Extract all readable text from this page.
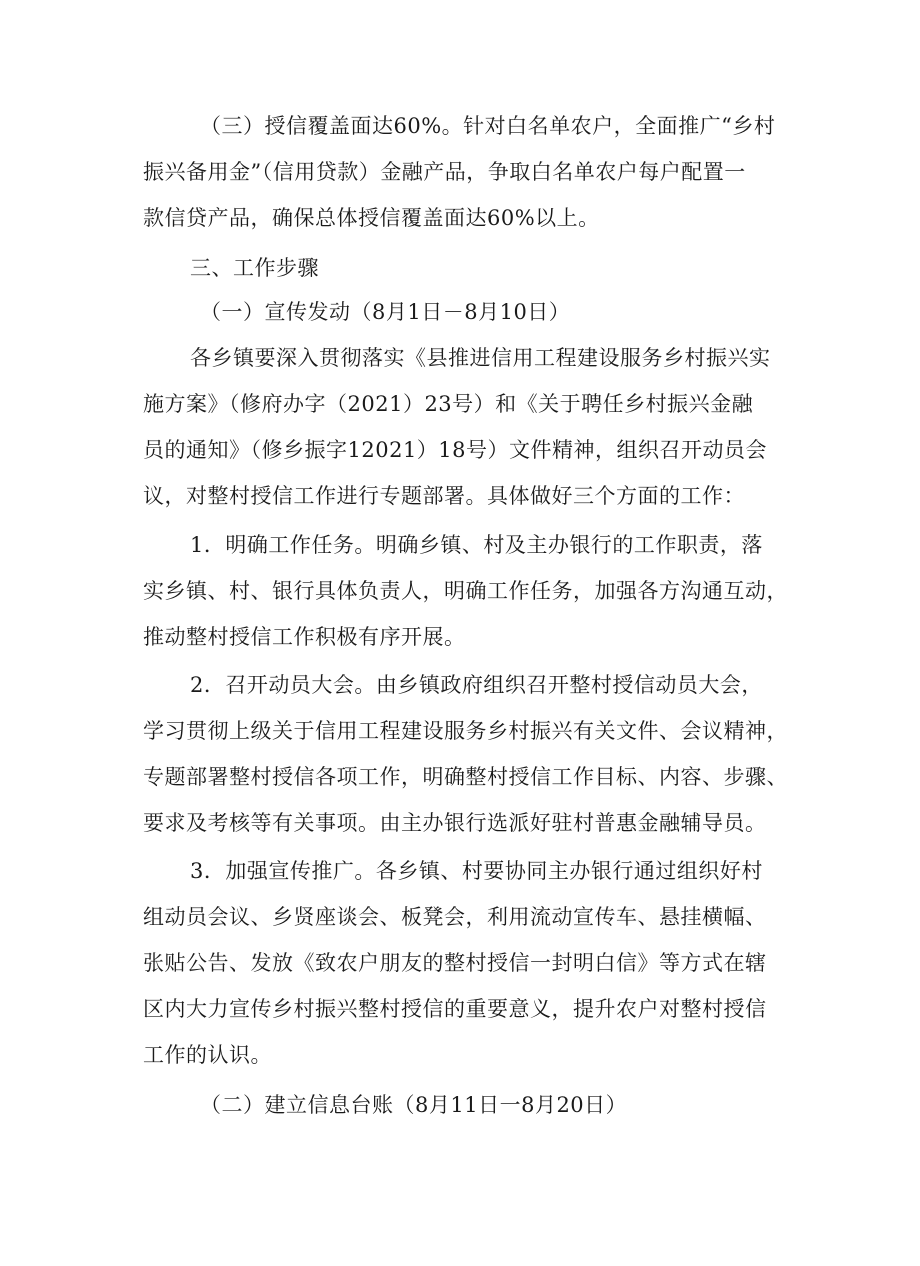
（三）授信覆盖面达60%。针对白名单农户，全面推广“乡村
振兴备用金”（信用贷款）金融产品，争取白名单农户每户配置一
款信贷产品，确保总体授信覆盖面达60%以上。
三、工作步骤
（一）宣传发动（8月1日－8月10日）
各乡镇要深入贯彻落实《县推进信用工程建设服务乡村振兴实
施方案》（修府办字（2021）23号）和《关于聘任乡村振兴金融
员的通知》（修乡振字12021）18号）文件精神，组织召开动员会
议，对整村授信工作进行专题部署。具体做好三个方面的工作：
1．明确工作任务。明确乡镇、村及主办银行的工作职责，落
实乡镇、村、银行具体负责人，明确工作任务，加强各方沟通互动，
推动整村授信工作积极有序开展。
2．召开动员大会。由乡镇政府组织召开整村授信动员大会，
学习贯彻上级关于信用工程建设服务乡村振兴有关文件、会议精神，
专题部署整村授信各项工作，明确整村授信工作目标、内容、步骤、
要求及考核等有关事项。由主办银行选派好驻村普惠金融辅导员。
3．加强宣传推广。各乡镇、村要协同主办银行通过组织好村
组动员会议、乡贤座谈会、板凳会，利用流动宣传车、悬挂横幅、
张贴公告、发放《致农户朋友的整村授信一封明白信》等方式在辖
区内大力宣传乡村振兴整村授信的重要意义，提升农户对整村授信
工作的认识。
（二）建立信息台账（8月11日一8月20日）
